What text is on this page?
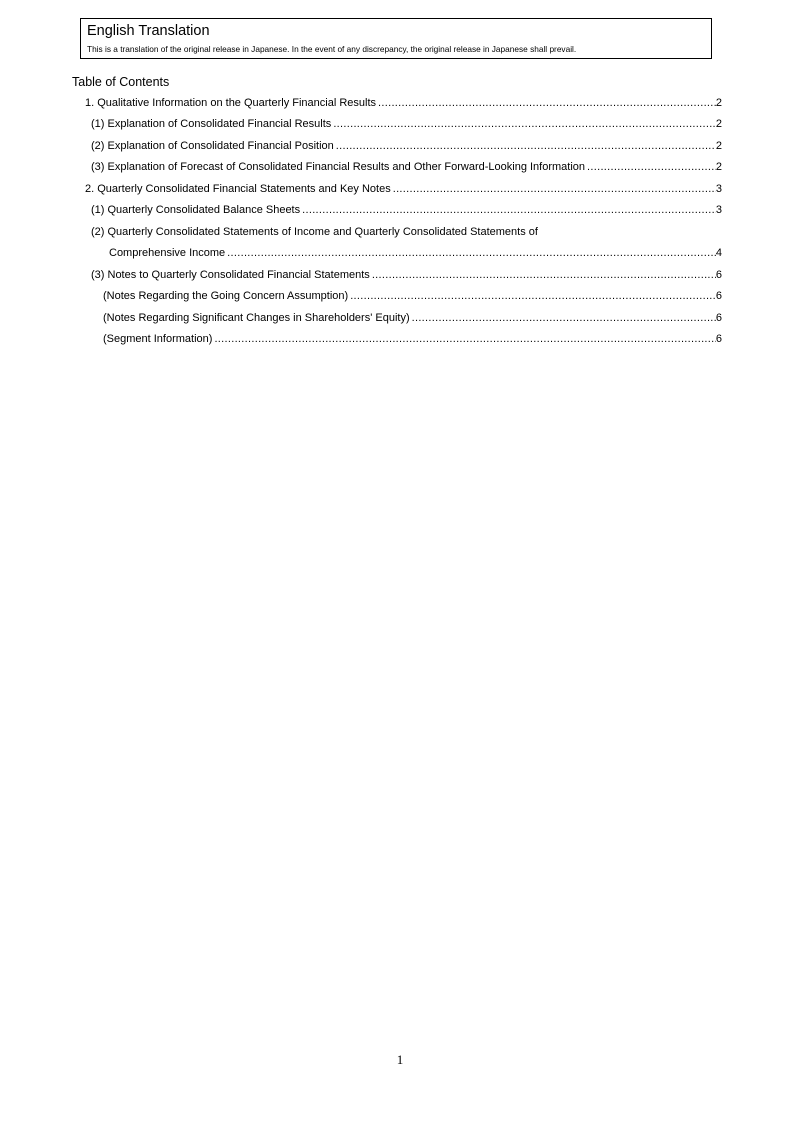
English Translation
This is a translation of the original release in Japanese. In the event of any discrepancy, the original release in Japanese shall prevail.
Table of Contents
1. Qualitative Information on the Quarterly Financial Results .....	2
(1) Explanation of Consolidated Financial Results .....	2
(2) Explanation of Consolidated Financial Position .....	2
(3) Explanation of Forecast of Consolidated Financial Results and Other Forward-Looking Information .....	2
2. Quarterly Consolidated Financial Statements and Key Notes .....	3
(1) Quarterly Consolidated Balance Sheets .....	3
(2) Quarterly Consolidated Statements of Income and Quarterly Consolidated Statements of
Comprehensive Income .....	4
(3) Notes to Quarterly Consolidated Financial Statements .....	6
(Notes Regarding the Going Concern Assumption) .....	6
(Notes Regarding Significant Changes in Shareholders' Equity) .....	6
(Segment Information) .....	6
1
